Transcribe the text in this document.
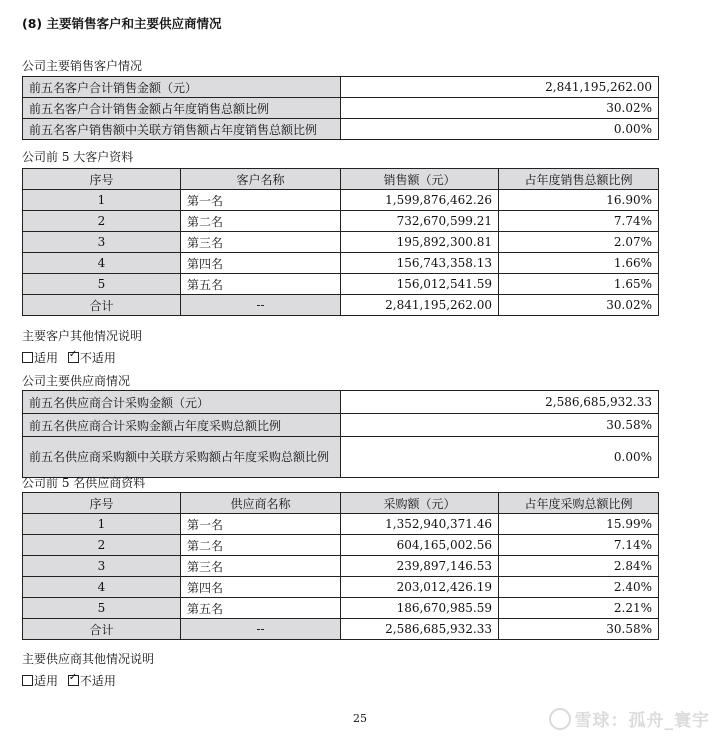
(8) 主要销售客户和主要供应商情况
公司主要销售客户情况
前五名客户合计销售金额（元）	2,841,195,262.00
前五名客户合计销售金额占年度销售总额比例	30.02%
前五名客户销售额中关联方销售额占年度销售总额比例	0.00%
公司前 5 大客户资料
序号	客户名称	销售额（元）	占年度销售总额比例
1	第一名	1,599,876,462.26	16.90%
2	第二名	732,670,599.21	7.74%
3	第三名	195,892,300.81	2.07%
4	第四名	156,743,358.13	1.66%
5	第五名	156,012,541.59	1.65%
合计	--	2,841,195,262.00	30.02%
主要客户其他情况说明
适用 ✓ 不适用
公司主要供应商情况
前五名供应商合计采购金额（元）	2,586,685,932.33
前五名供应商合计采购金额占年度采购总额比例	30.58%
前五名供应商采购额中关联方采购额占年度采购总额比例	0.00%
公司前 5 名供应商资料
序号	供应商名称	采购额（元）	占年度采购总额比例
1	第一名	1,352,940,371.46	15.99%
2	第二名	604,165,002.56	7.14%
3	第三名	239,897,146.53	2.84%
4	第四名	203,012,426.19	2.40%
5	第五名	186,670,985.59	2.21%
合计	--	2,586,685,932.33	30.58%
主要供应商其他情况说明
适用 ✓ 不适用
25	雪球：孤舟_寰宇
